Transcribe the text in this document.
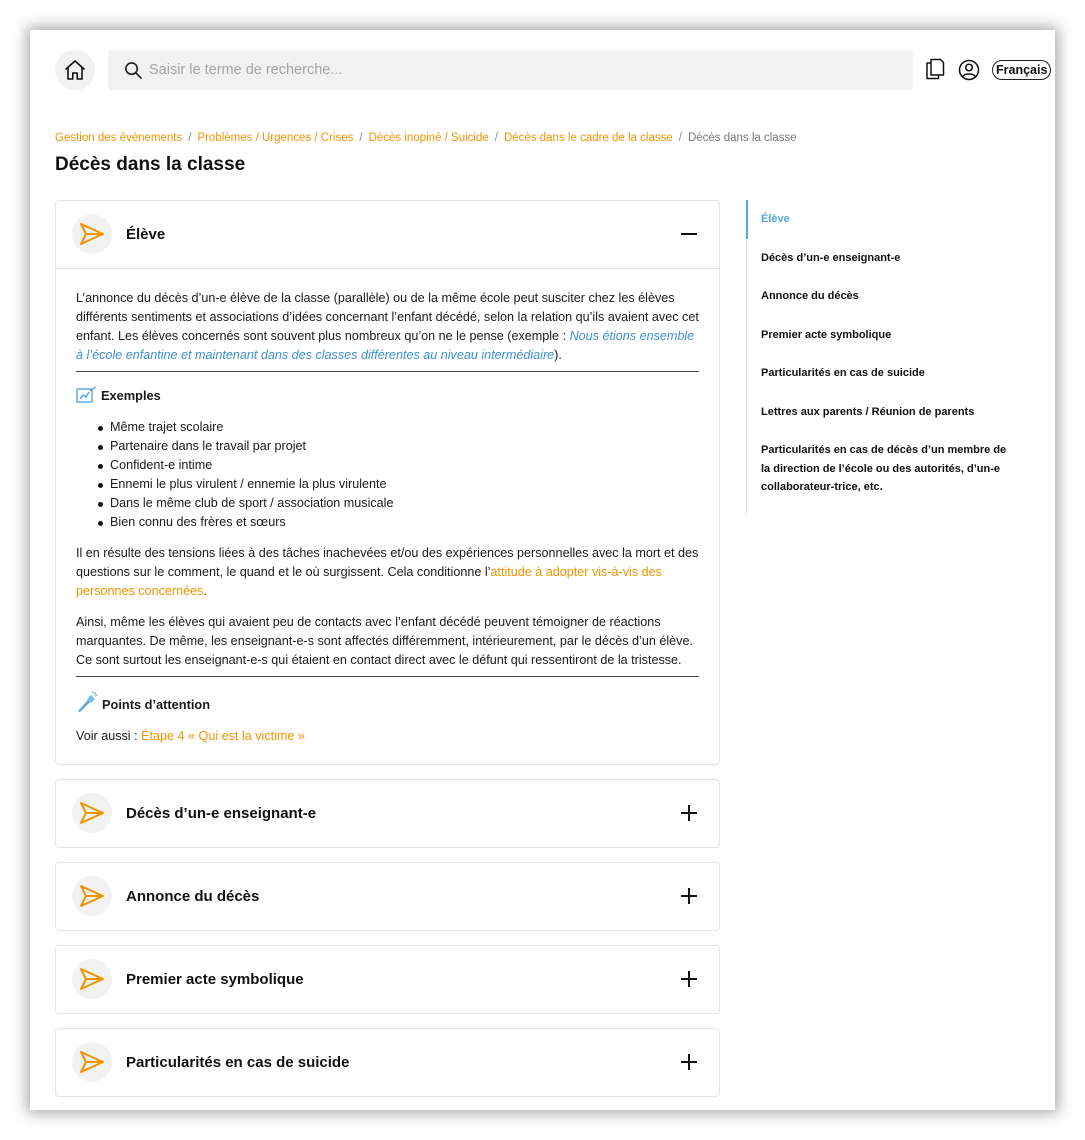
Saisir le terme de recherche...
Français
Gestion des événements / Problèmes / Urgences / Crises / Décès inopiné / Suicide / Décès dans le cadre de la classe / Décès dans la classe
Décès dans la classe
Élève

L’annonce du décès d’un-e élève de la classe (parallèle) ou de la même école peut susciter chez les élèves différents sentiments et associations d’idées concernant l’enfant décédé, selon la relation qu’ils avaient avec cet enfant. Les élèves concernés sont souvent plus nombreux qu’on ne le pense (exemple : Nous étions ensemble à l’école enfantine et maintenant dans des classes différentes au niveau intermédiaire).

Exemples
Même trajet scolaire
Partenaire dans le travail par projet
Confident-e intime
Ennemi le plus virulent / ennemie la plus virulente
Dans le même club de sport / association musicale
Bien connu des frères et sœurs

Il en résulte des tensions liées à des tâches inachevées et/ou des expériences personnelles avec la mort et des questions sur le comment, le quand et le où surgissent. Cela conditionne l’attitude à adopter vis-à-vis des personnes concernées.

Ainsi, même les élèves qui avaient peu de contacts avec l’enfant décédé peuvent témoigner de réactions marquantes. De même, les enseignant-e-s sont affectés différemment, intérieurement, par le décès d’un élève. Ce sont surtout les enseignant-e-s qui étaient en contact direct avec le défunt qui ressentiront de la tristesse.

Points d’attention

Voir aussi : Étape 4 « Qui est la victime »

Décès d’un-e enseignant-e
Annonce du décès
Premier acte symbolique
Particularités en cas de suicide
Élève
Décès d’un-e enseignant-e
Annonce du décès
Premier acte symbolique
Particularités en cas de suicide
Lettres aux parents / Réunion de parents
Particularités en cas de décès d’un membre de la direction de l’école ou des autorités, d’un-e collaborateur-trice, etc.
